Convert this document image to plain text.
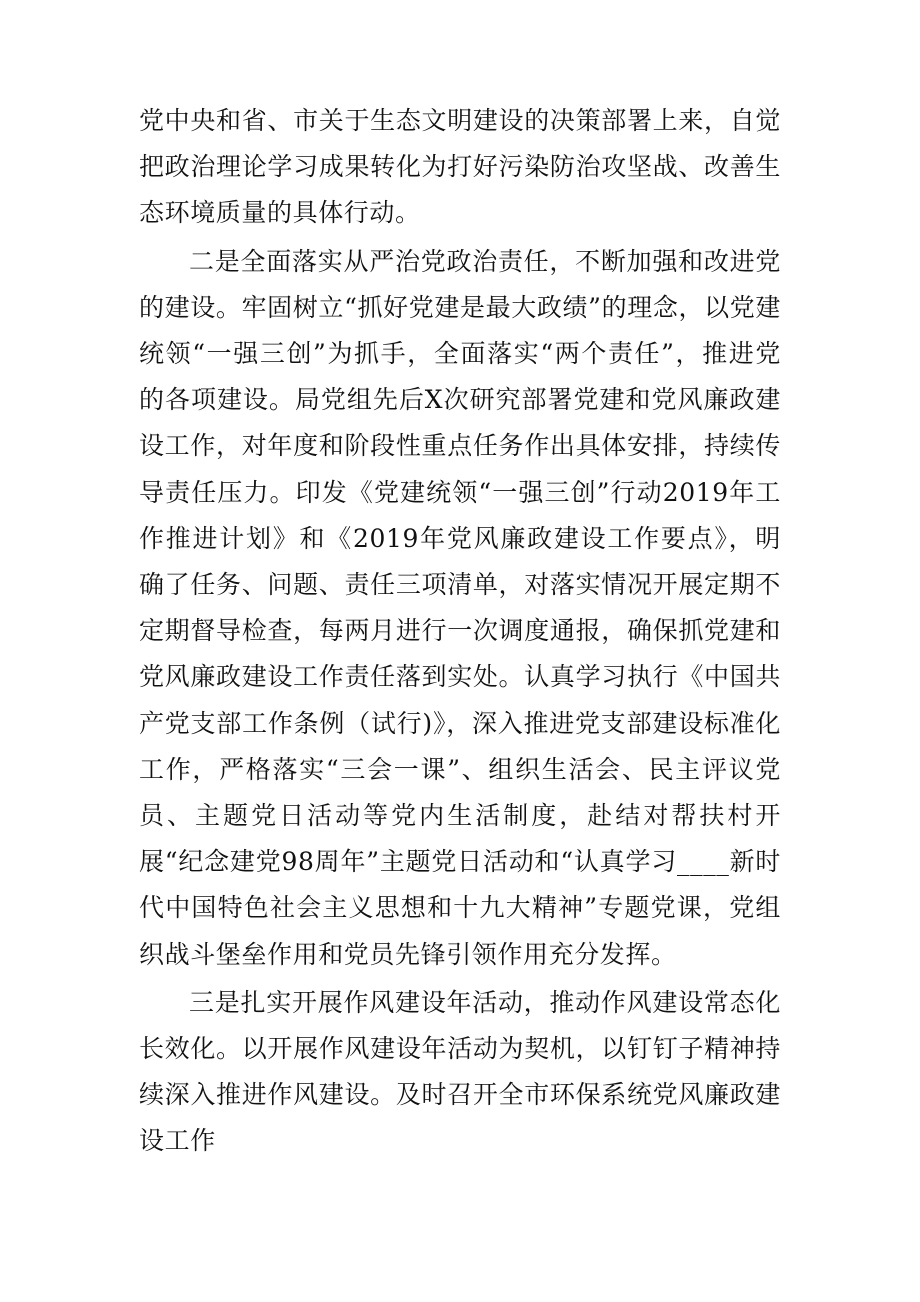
党中央和省、市关于生态文明建设的决策部署上来，自觉把政治理论学习成果转化为打好污染防治攻坚战、改善生态环境质量的具体行动。

二是全面落实从严治党政治责任，不断加强和改进党的建设。牢固树立“抓好党建是最大政绩”的理念，以党建统领“一强三创”为抓手，全面落实“两个责任”，推进党的各项建设。局党组先后X次研究部署党建和党风廉政建设工作，对年度和阶段性重点任务作出具体安排，持续传导责任压力。印发《党建统领“一强三创”行动2019年工作推进计划》和《2019年党风廉政建设工作要点》，明确了任务、问题、责任三项清单，对落实情况开展定期不定期督导检查，每两月进行一次调度通报，确保抓党建和党风廉政建设工作责任落到实处。认真学习执行《中国共产党支部工作条例（试行)》，深入推进党支部建设标准化工作，严格落实“三会一课”、组织生活会、民主评议党员、主题党日活动等党内生活制度，赴结对帮扶村开展“纪念建党98周年”主题党日活动和“认真学习____新时代中国特色社会主义思想和十九大精神”专题党课，党组织战斗堡垒作用和党员先锋引领作用充分发挥。

三是扎实开展作风建设年活动，推动作风建设常态化长效化。以开展作风建设年活动为契机，以钉钉子精神持续深入推进作风建设。及时召开全市环保系统党风廉政建设工作
